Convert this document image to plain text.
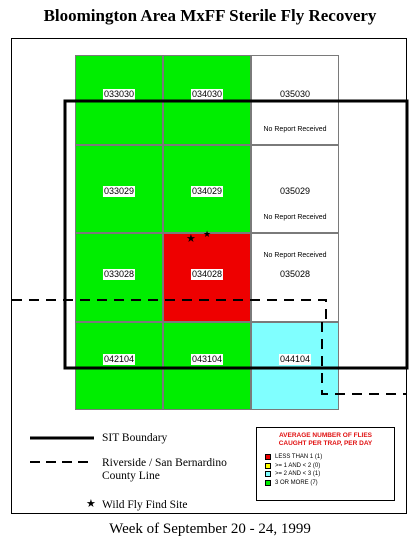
Bloomington Area MxFF Sterile Fly Recovery
033030	034030	035030
No Report Received
033029	034029	035029
No Report Received
033028	034028	035028
No Report Received
042104	043104	044104
★ ★
SIT Boundary
Riverside / San Bernardino
County Line
★ Wild Fly Find Site
AVERAGE NUMBER OF FLIES
CAUGHT PER TRAP, PER DAY
LESS THAN 1 (1)
>= 1 AND < 2 (0)
>= 2 AND < 3 (1)
3 OR MORE (7)
Week of September 20 - 24, 1999
